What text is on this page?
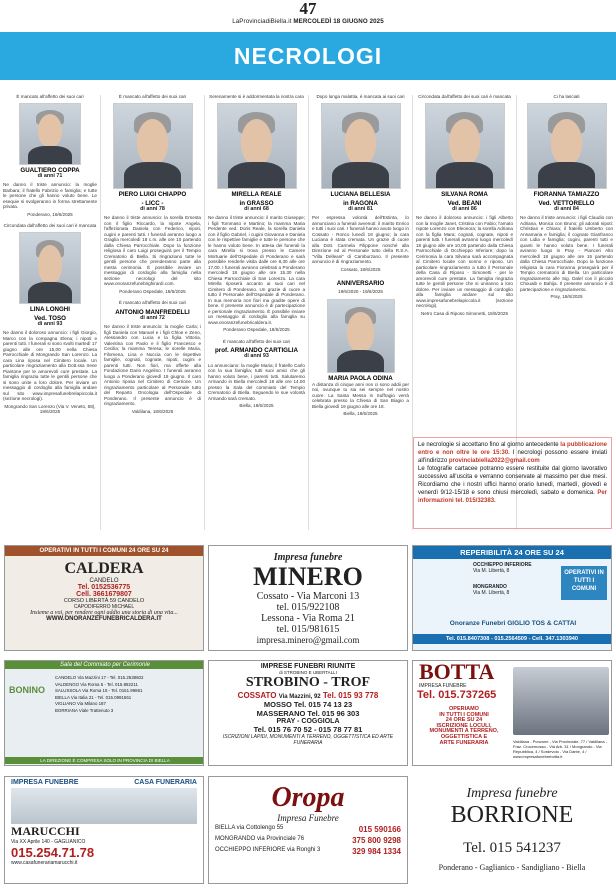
47
LaProvinciadiBiella.it MERCOLEDÌ 18 GIUGNO 2025
NECROLOGI

È mancato all'affetto dei suoi cari

GUALTIERO COPPA

di anni 71

Ne danno il triste annuncio: la moglie Barbara; il fratello Fabrizio e famiglia; e tutte le persone che gli hanno voluto bene. Le esequie si svolgeranno in forma strettamente privata.

Ponderano, 18/6/2025

Circondata dall'affetto dei suoi cari è mancata

LINA LONGHI

Ved. TOSO

di anni 93

Ne danno il doloroso annuncio: i figli Giorgio, Marco con la compagna Elena; i nipoti e parenti tutti. I funerali si sono svolti martedì 17 giugno alle ore 15,00 nella Chiesa Parrocchiale di Mongrando San Lorenzo. La cara Lina riposa nel Cimitero locale. Un particolare ringraziamento alla Dott.ssa Irene Piantone per le amorevoli cure prestate. La famiglia ringrazia tutte le gentili persone che si sono unite a loro dolore. Per inviare un messaggio di cordoglio alla famiglia andare sul sito www.impresafunebrelapiccola.it (sezione necrologi).

Mongrando San Lorenzo (Via V. Veneto, 58), 18/6/2025

È mancato all'affetto dei suoi cari

PIERO LUIGI CHIAPPO

- LICC -

di anni 78

Ne danno il triste annuncio: la sorella Ernesta con il figlio Riccardo, la nipote Angela, l'affezionata Daniela con Federico, nipoti, cugini e parenti tutti. I funerali avranno luogo a Graglia mercoledì 18 c.m. alle ore 10 partendo dalla Chiesa Parrocchiale. Dopo la funzione religiosa il caro Luigi proseguirà per il Tempio Crematorio di Biella. Si ringraziano tutte le gentili persone che prenderanno parte alla mesta cerimonia. È possibile inviare un messaggio di cordoglio alla famiglia nella sezione necrologi del sito www.onoranzefunebrighirardi.com.

Ponderano Ospedale, 18/6/2025

È mancato all'affetto dei suoi cari

ANTONIO MANFREDELLI

di anni 72

Ne danno il triste annuncio: la moglie Carla; i figli Daniela con Manuel e i figli Chloe e Zeno, Alessandro con Lucia e la figlia Vittoria, Valentina con Paolo e il figlio Francesco e Cecilia; la mamma Teresa; le sorelle Maria, Filomena, Lina e Nuccia con le rispettive famiglie, cognati, cognate, nipoti, cugini e parenti tutti. Non fiori, ma offerte alla Fondazione Dario Angelino. I funerali avranno luogo a Ponderano giovedì 19 giugno. Il caro Antonio riposa nel Cimitero di Cerrione. Un ringraziamento particolare al Personale tutto del Reparto Oncologia dell'Ospedale di Ponderano. Il presente annuncio è di ringraziamento.

Valdilana, 18/6/2025

Serenamente si è addormentata la nostra cara

MIRELLA REALE

in GRASSO

di anni 68

Ne danno il triste annuncio: il marito Giuseppe; i figli Tommaso e Martino; la mamma Maria Perdente ved. Doris Reale, la sorella Daniela con il figlio Gabriel, i cugini Giovanna e Daniela con le rispettive famiglie e tutte le persone che le hanno voluto bene. In attesa dei funerali la cara Mirella si trova presso le Camere Mortuarie dell'Ospedale di Ponderano e sarà possibile renderle visita dalle ore 8,30 alle ore 17,00. I funerali avranno celebrati a Ponderano mercoledì 18 giugno alle ore 15.30 nella Chiesa Parrocchiale di San Lorenzo. La cara Mirella riposerà accanto ai suoi cari nel Cimitero di Ponderano. Un grazie di cuore a tutto il Personale dell'Ospedale di Ponderano. In sua memoria non fiori ma gradite opere di bene. Il presente annuncio è di partecipazione e personale ringraziamento. È possibile inviare un messaggio di cordoglio alla famiglia su www.onoranzefunebricaldera.it.

Ponderano Ospedale, 18/6/2025

È mancato all'affetto dei suoi cari

prof. ARMANDO CARTIGLIA

di anni 93

Lo annunciano: la moglie Maria; il fratello Carlo con la sua famiglia; tutti suoi amici che gli hanno voluto bene, i parenti tutti. Salutaremo Armando in Biella mercoledì 18 alle ore 14.00 presso la Sala del commiato del Tempio Crematorio di Biella. Seguendo le sue volontà Armando sarà cremato.

Biella, 18/6/2025

Dopo lunga malattia, è mancata ai suoi cari

LUCIANA BELLESIA

in RAGONA

di anni 81

Per espressa volontà dell'Estinta, lo annunciano a funerali avvenuti: il marito Enrico e tutti i suoi cari. I funerali hanno avuto luogo in Cossato - Ronco lunedì 16 giugno; la cara Luciana è stata cremata. Un grazie di cuore alla Dott. Carmela Filippone nonché alla Direzione ed al Personale tutto della R.S.A. "Villa Delleani" di Camburzano. Il presente annuncio è di ringraziamento.

Cossato, 18/6/2025

ANNIVERSARIO

19/6/2020 - 19/6/2025

MARIA PAOLA ODINA

A distanza di cinque anni non ci sono addii per noi, ovunque tu sia sei sempre nel nostro cuore. La Santa Messa in Suffragio verrà celebrata presso la Chiesa di San Biagio a Biella giovedì 19 giugno alle ore 18.

Biella, 18/6/2025

Circondata dall'affetto dei suoi cari è mancata

SILVANA ROMA

Ved. BEANI

di anni 86

Ne danno il doloroso annuncio: i figli Alberto con la moglie Janet, Cristina con Fabio; l'amato nipote Lorenzo con Eleonora; la sorella Adriana con la figlia Mara; cognati, cognate, nipoti e parenti tutti. I funerali avranno luogo mercoledì 18 giugno alle ore 10,00 partendo dalla Chiesa Parrocchiale di Occhieppo Inferiore; dopo la Cerimonia la cara Silvana sarà accompagnata al Cimitero locale con sonno e riposo. Un particolare ringraziamento a tutto il Personale della Casa di Riposo - Simonetti - per le amorevoli cure prestate. La famiglia ringrazia tutte le gentili persone che si uniranno a loro dolore. Per inviare un messaggio di cordoglio alla famiglia andare sul sito www.impresafunebrelapiccola.it (sezione necrologi).

Netro Casa di Riposo Simonetti, 18/6/2025

Ci ha lasciati

FIORANNA TAMIAZZO

Ved. VETTORELLO

di anni 84

Ne danno il triste annuncio: i figli Claudio con Adriana, Monica con Bruno; gli adorati nipoti: Christian e Chiara; il fratello Umberto con Annamaria e famiglia; il cognato Gianfranco con Lidia e famiglia; cugini, parenti tutti e quanti le hanno voluto bene. I funerali avranno luogo in Pray - Pianceri Alto mercoledì 18 giugno alle ore 15 partendo dalla Chiesa Parrocchiale. Dopo la funzione religiosa la cara Fioranna proseguirà per il Tempio crematorio di Biella. Un particolare ringraziamento alle Sig. Dalel con il piccolo Chouaib e Bahija. Il presente annuncio è di partecipazione e ringraziamento.

Pray, 18/6/2025

Le necrologie si accettano fino al giorno antecedente la pubblicazione entro e non oltre le ore 15:30. I necrologi possono essere inviati all'indirizzo provinciabiella2022@gmail.com
Le fotografie cartacee potranno essere restituite dal giorno lavorativo successivo all'uscita e verranno conservate al massimo per due mesi. Ricordiamo che i nostri uffici hanno orario lunedì, martedì, giovedì e venerdì 9/12-15/18 e sono chiusi mercoledì, sabato e domenica. Per informazioni tel. 015/32383.
OPERATIVI IN TUTTI I COMUNI 24 ORE SU 24
CALDERA
CANDELO
Tel. 0152536775
Cell. 3661679807
CORSO LIBERTÀ 59 CANDELO
CAPODIFERRO MICHAEL
Insieme a voi, per rendere ogni addio una storia di una vita...
WWW.ONORANZEFUNEBRICALDERA.IT
Impresa funebre
MINERO
Cossato - Via Marconi 13
tel. 015/922108
Lessona - Via Roma 21
tel. 015/981615
impresa.minero@gmail.com
REPERIBILITÀ 24 ORE SU 24
OCCHIEPPO INFERIORE
Via M. Libertà, 8
MONGRANDO
Via M. Libertà, 8
OPERATIVI IN TUTTI I COMUNI
Onoranze Funebri GIGLIO TOS & CATTAI
Tel. 015.8407308 - 015.2564509 - Cell. 347.1303940
Sala del Commiato per Cerimonie
BONINO
CANDELO Via Mazzini 17 - Tel. 015.2538602
VALDENGO Via Roma 5 - Tel. 015.882211
SALUSSOLA Via Roma 15 - Tel. 0161.99861
BIELLA Via Italia 21 - Tel. 015.0991561
VIGLIANO Via Milano 187
BORRIANA Viale Trattenuto 3
LA DIREZIONE È COMPRESA SOLO IN PROVINCIA DI BIELLA
IMPRESE FUNEBRI RIUNITE
di STROBINO E UBERTALLI
STROBINO - TROF
COSSATO Via Mazzini, 92 Tel. 015 93 778
MOSSO Tel. 015 74 13 23
MASSERANO Tel. 015 96 303
PRAY - COGGIOLA
Tel. 015 76 70 52 - 015 78 77 81
ISCRIZIONI LAPIDI, MONUMENTI A TERRENO, OGGETTISTICA ED ARTE FUNERARIA
BOTTA
IMPRESA FUNEBRE
Tel. 015.737265
OPERIAMO
IN TUTTI I COMUNI
24 ORE SU 24
ISCRIZIONE LOCULI,
MONUMENTI A TERRENO,
OGGETTISTICA E
ARTE FUNERARIA	Valdilana - Ponzone - Via Provinciale, 77 / Valdilana - Fraz. Crocemosso - Via Arb. 31 / Mongrando - Via Repubblica, 4 / Sordevolo - Via Dante, 4 / www.impresafunebrebotta.it
IMPRESA FUNEBRE	CASA FUNERARIA
MARUCCHI
Via XX Aprile 140 - GAGLIANICO
015.254.71.78
www.casafunerariamarucchi.it
Oropa
Impresa Funebre
BIELLA via Cottolengo 55	015 590166
MONGRANDO via Provinciale 76	375 800 9298
OCCHIEPPO INFERIORE via Ronghi 3	329 984 1334
Impresa funebre
BORRIONE
Tel. 015 541237
Ponderano - Gaglianico - Sandigliano - Biella
